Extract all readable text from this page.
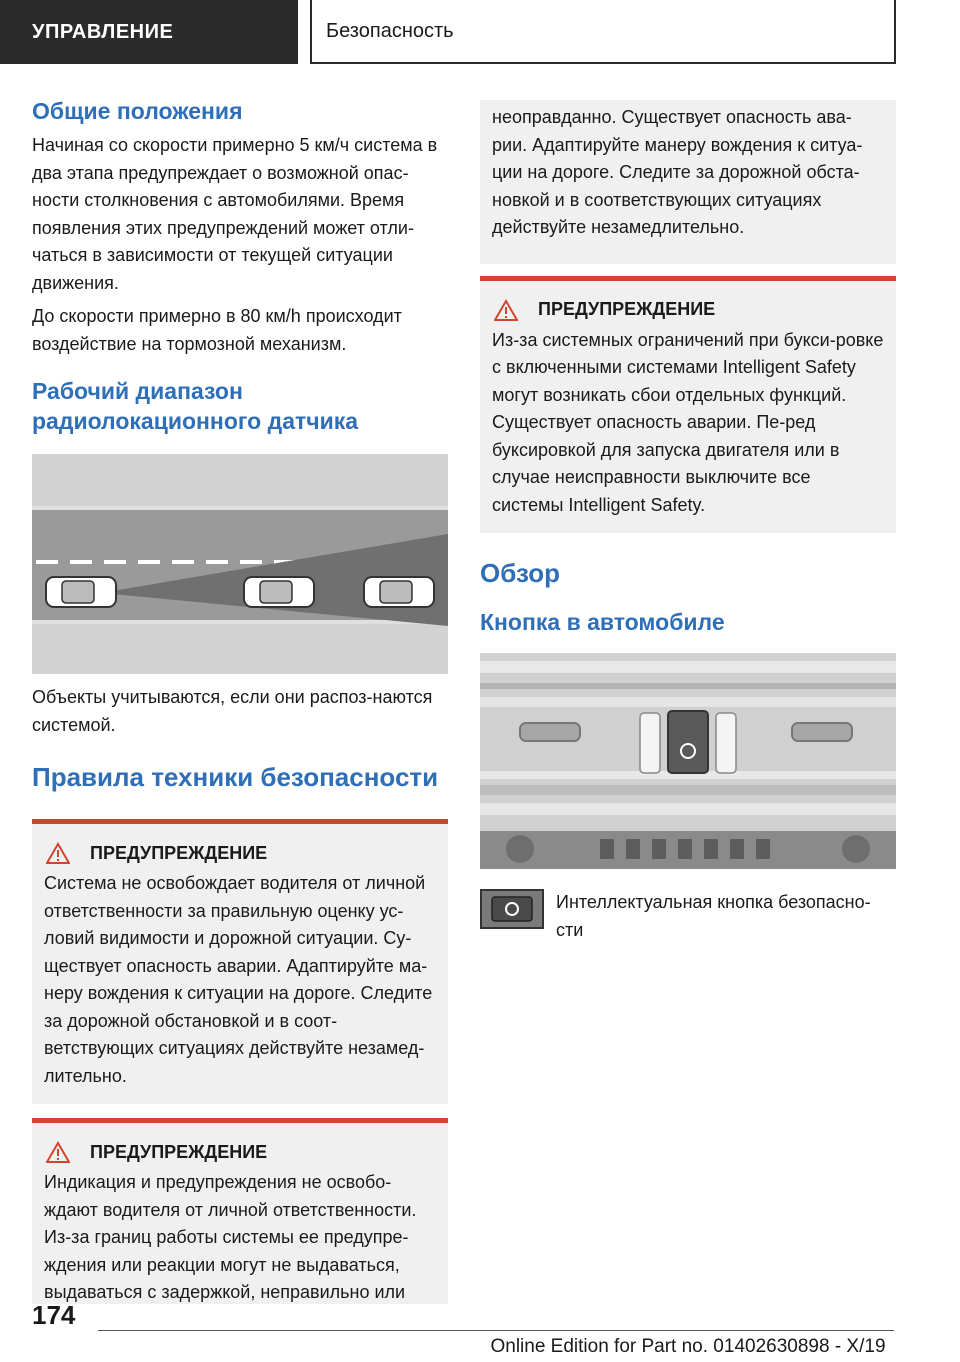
УПРАВЛЕНИЕ	Безопасность
Общие положения

Начиная со скорости примерно 5 км/ч система в два этапа предупреждает о возможной опас-ности столкновения с автомобилями. Время появления этих предупреждений может отли-чаться в зависимости от текущей ситуации движения.

До скорости примерно в 80 км/h происходит воздействие на тормозной механизм.

Рабочий диапазон радиолокационного датчика

Объекты учитываются, если они распоз-наются системой.

Правила техники безопасности
ПРЕДУПРЕЖДЕНИЕ

Система не освобождает водителя от личной ответственности за правильную оценку ус-ловий видимости и дорожной ситуации. Су-ществует опасность аварии. Адаптируйте ма-неру вождения к ситуации на дороге. Следите за дорожной обстановкой и в соот-ветствующих ситуациях действуйте незамед-лительно.

ПРЕДУПРЕЖДЕНИЕ

Индикация и предупреждения не освобо-ждают водителя от личной ответственности. Из-за границ работы системы ее предупре-ждения или реакции могут не выдаваться, выдаваться с задержкой, неправильно или

неоправданно. Существует опасность ава-рии. Адаптируйте манеру вождения к ситуа-ции на дороге. Следите за дорожной обста-новкой и в соответствующих ситуациях действуйте незамедлительно.

ПРЕДУПРЕЖДЕНИЕ

Из-за системных ограничений при букси-ровке с включенными системами Intelligent Safety могут возникать сбои отдельных функций. Существует опасность аварии. Пе-ред буксировкой для запуска двигателя или в случае неисправности выключите все системы Intelligent Safety.

Обзор
Кнопка в автомобиле

Интеллектуальная кнопка безопасно-сти

174
Online Edition for Part no. 01402630898 - X/19
